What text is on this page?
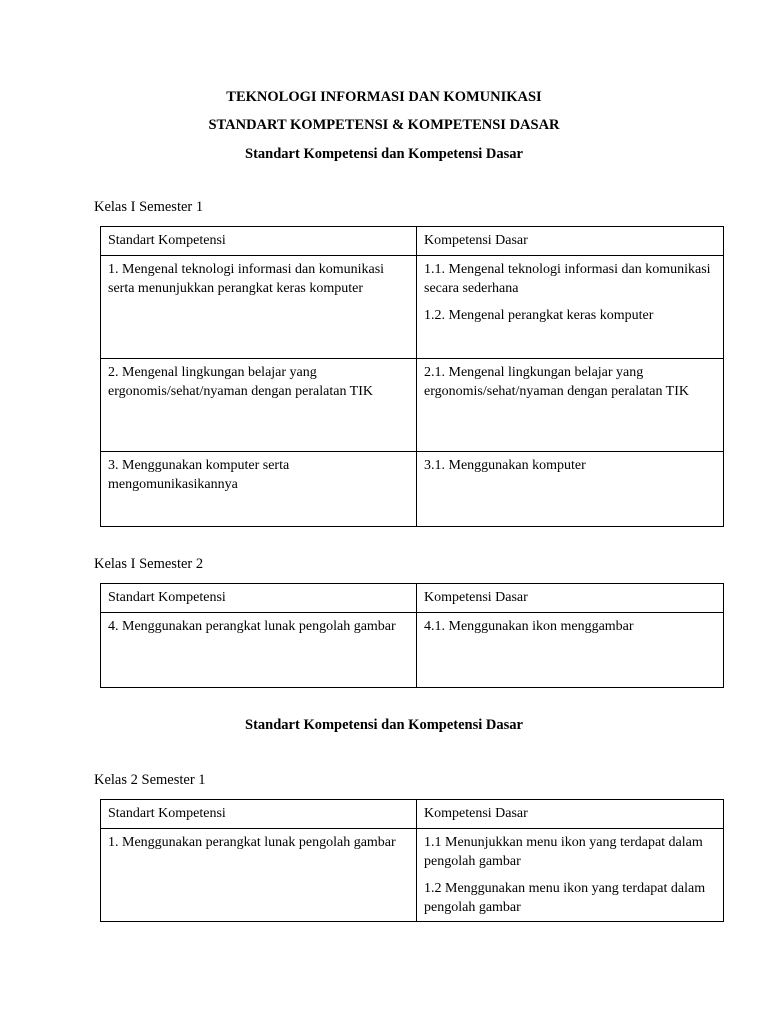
TEKNOLOGI INFORMASI DAN KOMUNIKASI
STANDART KOMPETENSI & KOMPETENSI DASAR
Standart Kompetensi dan Kompetensi Dasar
Kelas I Semester 1
Standart Kompetensi	Kompetensi Dasar
1. Mengenal teknologi informasi dan komunikasi serta menunjukkan perangkat keras komputer	1.1. Mengenal teknologi informasi dan komunikasi secara sederhana
1.2. Mengenal perangkat keras komputer

2. Mengenal lingkungan belajar yang ergonomis/sehat/nyaman dengan peralatan TIK	2.1. Mengenal lingkungan belajar yang ergonomis/sehat/nyaman dengan peralatan TIK

3. Menggunakan komputer serta mengomunikasikannya	3.1. Menggunakan komputer
Kelas I Semester 2
Standart Kompetensi	Kompetensi Dasar
4. Menggunakan perangkat lunak pengolah gambar	4.1. Menggunakan ikon menggambar
Standart Kompetensi dan Kompetensi Dasar
Kelas 2 Semester 1
Standart Kompetensi	Kompetensi Dasar
1. Menggunakan perangkat lunak pengolah gambar	1.1 Menunjukkan menu ikon yang terdapat dalam pengolah gambar
1.2 Menggunakan menu ikon yang terdapat dalam pengolah gambar
